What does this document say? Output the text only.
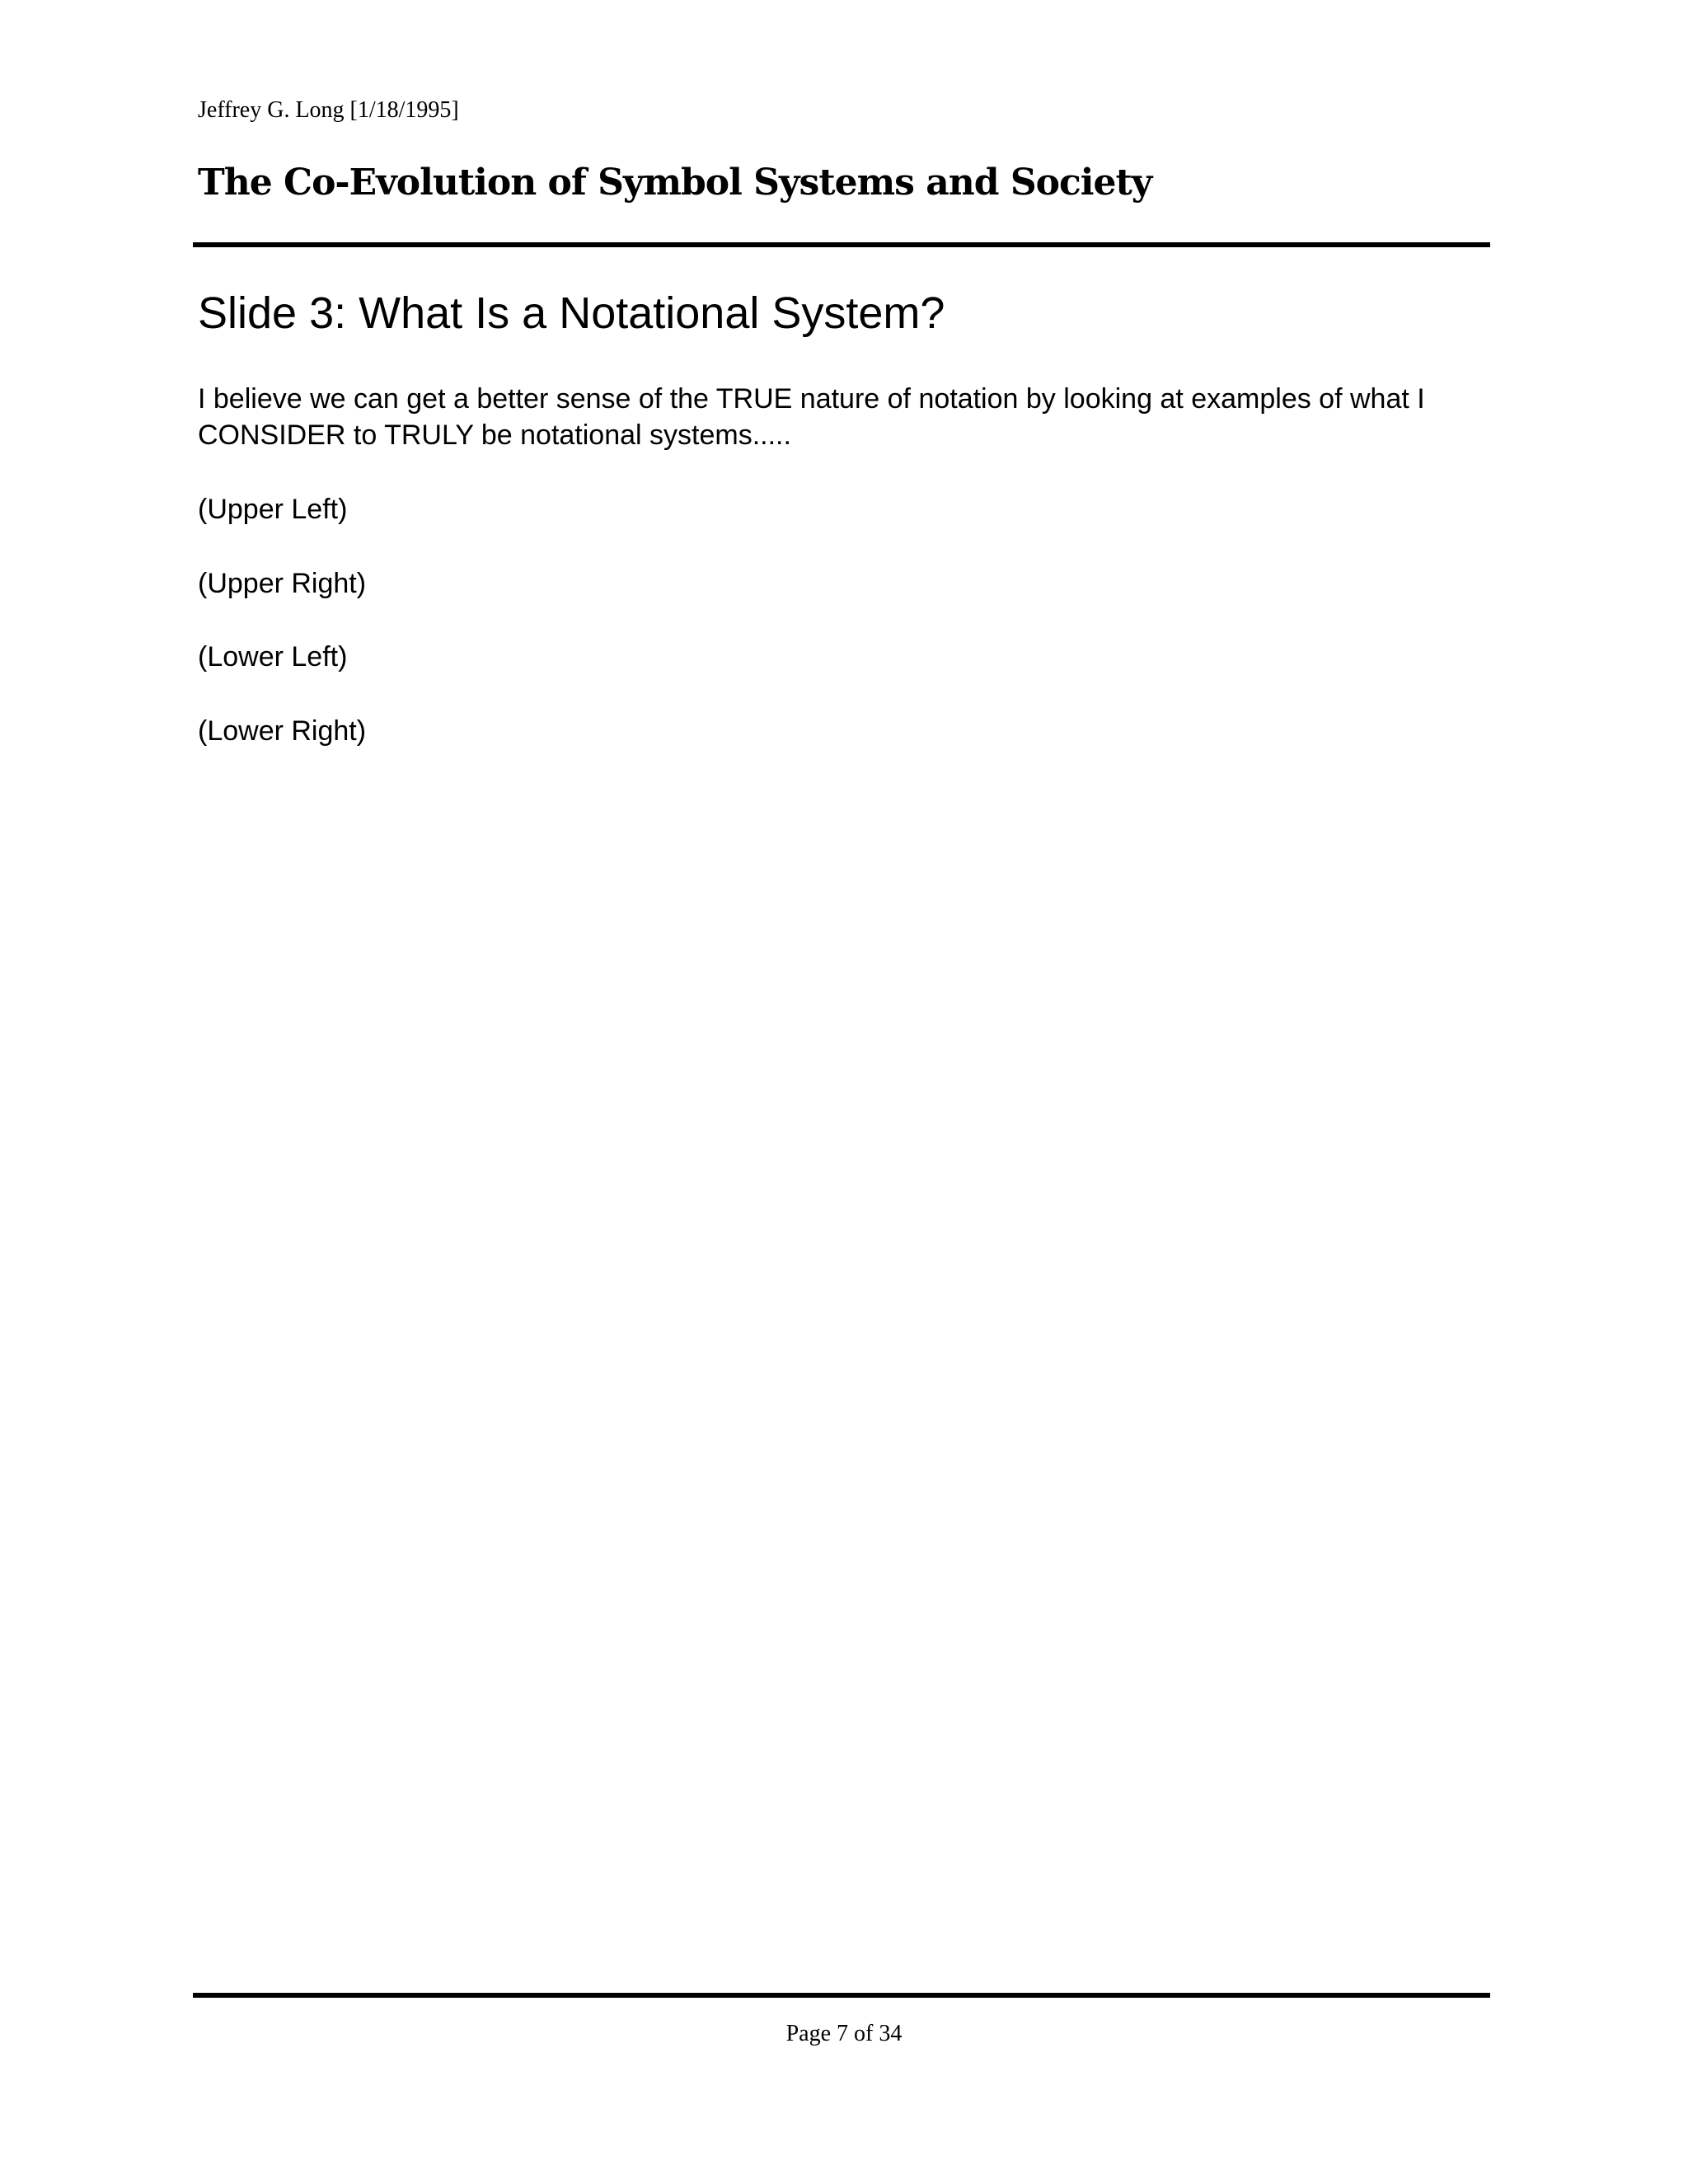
Jeffrey G. Long [1/18/1995]
The Co-Evolution of Symbol Systems and Society
Slide 3: What Is a Notational System?
I believe we can get a better sense of the TRUE nature of notation by looking at examples of what I CONSIDER to TRULY be notational systems.....
(Upper Left)
(Upper Right)
(Lower Left)
(Lower Right)
Page 7 of 34
